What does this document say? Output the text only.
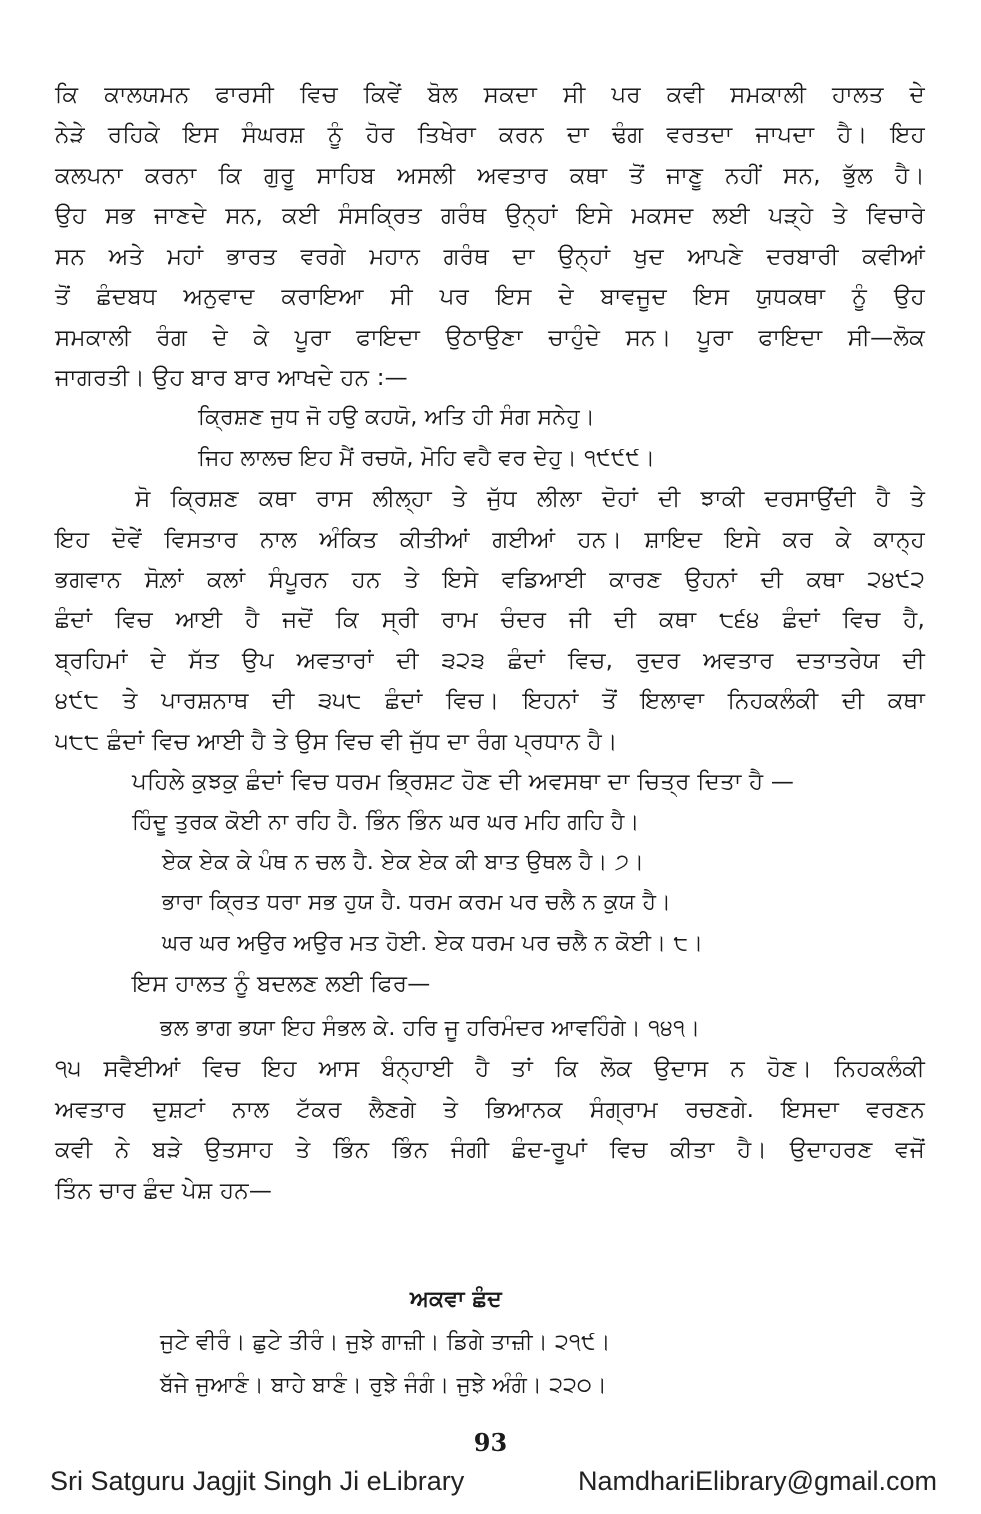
ਕਿ ਕਾਲਯਮਨ ਫਾਰਸੀ ਵਿਚ ਕਿਵੇਂ ਬੋਲ ਸਕਦਾ ਸੀ ਪਰ ਕਵੀ ਸਮਕਾਲੀ ਹਾਲਤ ਦੇ
ਨੇੜੇ ਰਹਿਕੇ ਇਸ ਸੰਘਰਸ਼ ਨੂੰ ਹੋਰ ਤਿਖੇਰਾ ਕਰਨ ਦਾ ਢੰਗ ਵਰਤਦਾ ਜਾਪਦਾ ਹੈ। ਇਹ
ਕਲਪਨਾ ਕਰਨਾ ਕਿ ਗੁਰੂ ਸਾਹਿਬ ਅਸਲੀ ਅਵਤਾਰ ਕਥਾ ਤੋਂ ਜਾਣੂ ਨਹੀਂ ਸਨ, ਭੁੱਲ ਹੈ।
ਉਹ ਸਭ ਜਾਣਦੇ ਸਨ, ਕਈ ਸੰਸਕ੍ਰਿਤ ਗਰੰਥ ਉਨ੍ਹਾਂ ਇਸੇ ਮਕਸਦ ਲਈ ਪੜ੍ਹੇ ਤੇ ਵਿਚਾਰੇ
ਸਨ ਅਤੇ ਮਹਾਂ ਭਾਰਤ ਵਰਗੇ ਮਹਾਨ ਗਰੰਥ ਦਾ ਉਨ੍ਹਾਂ ਖੁਦ ਆਪਣੇ ਦਰਬਾਰੀ ਕਵੀਆਂ
ਤੋਂ ਛੰਦਬਧ ਅਨੁਵਾਦ ਕਰਾਇਆ ਸੀ ਪਰ ਇਸ ਦੇ ਬਾਵਜੂਦ ਇਸ ਯੁਧਕਥਾ ਨੂੰ ਉਹ
ਸਮਕਾਲੀ ਰੰਗ ਦੇ ਕੇ ਪੂਰਾ ਫਾਇਦਾ ਉਠਾਉਣਾ ਚਾਹੁੰਦੇ ਸਨ। ਪੂਰਾ ਫਾਇਦਾ ਸੀ—ਲੋਕ
ਜਾਗਰਤੀ। ਉਹ ਬਾਰ ਬਾਰ ਆਖਦੇ ਹਨ :—
ਕ੍ਰਿਸ਼ਣ ਜੁਧ ਜੋ ਹਉ ਕਹਯੋ, ਅਤਿ ਹੀ ਸੰਗ ਸਨੇਹੁ।
ਜਿਹ ਲਾਲਚ ਇਹ ਮੈਂ ਰਚਯੋ, ਮੋਹਿ ਵਹੈ ਵਰ ਦੇਹੁ। ੧੯੯੯।
ਸੋ ਕ੍ਰਿਸ਼ਣ ਕਥਾ ਰਾਸ ਲੀਲ੍ਹਾ ਤੇ ਜੁੱਧ ਲੀਲਾ ਦੋਹਾਂ ਦੀ ਝਾਕੀ ਦਰਸਾਉਂਦੀ ਹੈ ਤੇ
ਇਹ ਦੋਵੇਂ ਵਿਸਤਾਰ ਨਾਲ ਅੰਕਿਤ ਕੀਤੀਆਂ ਗਈਆਂ ਹਨ। ਸ਼ਾਇਦ ਇਸੇ ਕਰ ਕੇ ਕਾਨ੍ਹ
ਭਗਵਾਨ ਸੋਲ਼ਾਂ ਕਲਾਂ ਸੰਪੂਰਨ ਹਨ ਤੇ ਇਸੇ ਵਡਿਆਈ ਕਾਰਣ ਉਹਨਾਂ ਦੀ ਕਥਾ ੨੪੯੨
ਛੰਦਾਂ ਵਿਚ ਆਈ ਹੈ ਜਦੋਂ ਕਿ ਸ੍ਰੀ ਰਾਮ ਚੰਦਰ ਜੀ ਦੀ ਕਥਾ ੮੬੪ ਛੰਦਾਂ ਵਿਚ ਹੈ,
ਬ੍ਰਹਿਮਾਂ ਦੇ ਸੱਤ ਉਪ ਅਵਤਾਰਾਂ ਦੀ ੩੨੩ ਛੰਦਾਂ ਵਿਚ, ਰੁਦਰ ਅਵਤਾਰ ਦਤਾਤਰੇਯ ਦੀ
੪੯੮ ਤੇ ਪਾਰਸ਼ਨਾਥ ਦੀ ੩੫੮ ਛੰਦਾਂ ਵਿਚ। ਇਹਨਾਂ ਤੋਂ ਇਲਾਵਾ ਨਿਹਕਲੰਕੀ ਦੀ ਕਥਾ
੫੮੮ ਛੰਦਾਂ ਵਿਚ ਆਈ ਹੈ ਤੇ ਉਸ ਵਿਚ ਵੀ ਜੁੱਧ ਦਾ ਰੰਗ ਪ੍ਰਧਾਨ ਹੈ।
ਪਹਿਲੇ ਕੁਝਕੁ ਛੰਦਾਂ ਵਿਚ ਧਰਮ ਭ੍ਰਿਸ਼ਟ ਹੋਣ ਦੀ ਅਵਸਥਾ ਦਾ ਚਿਤ੍ਰ ਦਿਤਾ ਹੈ —
ਹਿੰਦੂ ਤੁਰਕ ਕੋਈ ਨਾ ਰਹਿ ਹੈ. ਭਿੰਨ ਭਿੰਨ ਘਰ ਘਰ ਮਹਿ ਗਹਿ ਹੈ।
ਏਕ ਏਕ ਕੇ ਪੰਥ ਨ ਚਲ ਹੈ. ਏਕ ਏਕ ਕੀ ਬਾਤ ਉਥਲ ਹੈ। ੭।
ਭਾਰਾ ਕ੍ਰਿਤ ਧਰਾ ਸਭ ਹੁਯ ਹੈ. ਧਰਮ ਕਰਮ ਪਰ ਚਲੈ ਨ ਕੁਯ ਹੈ।
ਘਰ ਘਰ ਅਉਰ ਅਉਰ ਮਤ ਹੋਈ. ਏਕ ਧਰਮ ਪਰ ਚਲੈ ਨ ਕੋਈ। ੮।
ਇਸ ਹਾਲਤ ਨੂੰ ਬਦਲਣ ਲਈ ਫਿਰ—
ਭਲ ਭਾਗ ਭਯਾ ਇਹ ਸੰਭਲ ਕੇ. ਹਰਿ ਜੂ ਹਰਿਮੰਦਰ ਆਵਹਿੰਗੇ। ੧੪੧।
੧੫ ਸਵੈਈਆਂ ਵਿਚ ਇਹ ਆਸ ਬੰਨ੍ਹਾਈ ਹੈ ਤਾਂ ਕਿ ਲੋਕ ਉਦਾਸ ਨ ਹੋਣ। ਨਿਹਕਲੰਕੀ
ਅਵਤਾਰ ਦੁਸ਼ਟਾਂ ਨਾਲ ਟੱਕਰ ਲੈਣਗੇ ਤੇ ਭਿਆਨਕ ਸੰਗ੍ਰਾਮ ਰਚਣਗੇ. ਇਸਦਾ ਵਰਣਨ
ਕਵੀ ਨੇ ਬੜੇ ਉਤਸਾਹ ਤੇ ਭਿੰਨ ਭਿੰਨ ਜੰਗੀ ਛੰਦ-ਰੂਪਾਂ ਵਿਚ ਕੀਤਾ ਹੈ। ਉਦਾਹਰਣ ਵਜੋਂ
ਤਿੰਨ ਚਾਰ ਛੰਦ ਪੇਸ਼ ਹਨ—
93
Sri Satguru Jagjit Singh Ji eLibrary	NamdhariElibrary@gmail.com
ਅਕਵਾ ਛੰਦ
ਜੁਟੇ ਵੀਰੰ। ਛੁਟੇ ਤੀਰੰ। ਜੁਝੇ ਗਾਜ਼ੀ। ਡਿਗੇ ਤਾਜ਼ੀ। ੨੧੯।
ਬੱਜੇ ਜੁਆਣੰ। ਬਾਹੇ ਬਾਣੰ। ਰੁਝੇ ਜੰਗੰ। ਜੁਝੇ ਅੰਗੰ। ੨੨੦।
